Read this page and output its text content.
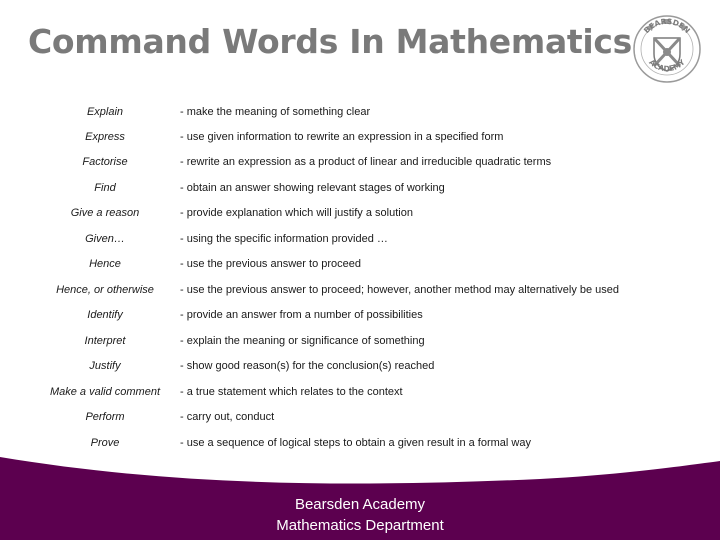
Command Words In Mathematics BEARSDEN
ACADEMY
Explain	- make the meaning of something clear
Express	- use given information to rewrite an expression in a specified form
Factorise	- rewrite an expression as a product of linear and irreducible quadratic terms
Find	- obtain an answer showing relevant stages of working
Give a reason	- provide explanation which will justify a solution
Given…	- using the specific information provided …
Hence	- use the previous answer to proceed
Hence, or otherwise	- use the previous answer to proceed; however, another method may alternatively be used
Identify	- provide an answer from a number of possibilities
Interpret	- explain the meaning or significance of something
Justify	- show good reason(s) for the conclusion(s) reached
Make a valid comment	- a true statement which relates to the context
Perform	- carry out, conduct
Prove	- use a sequence of logical steps to obtain a given result in a formal way
Bearsden Academy
Mathematics Department
